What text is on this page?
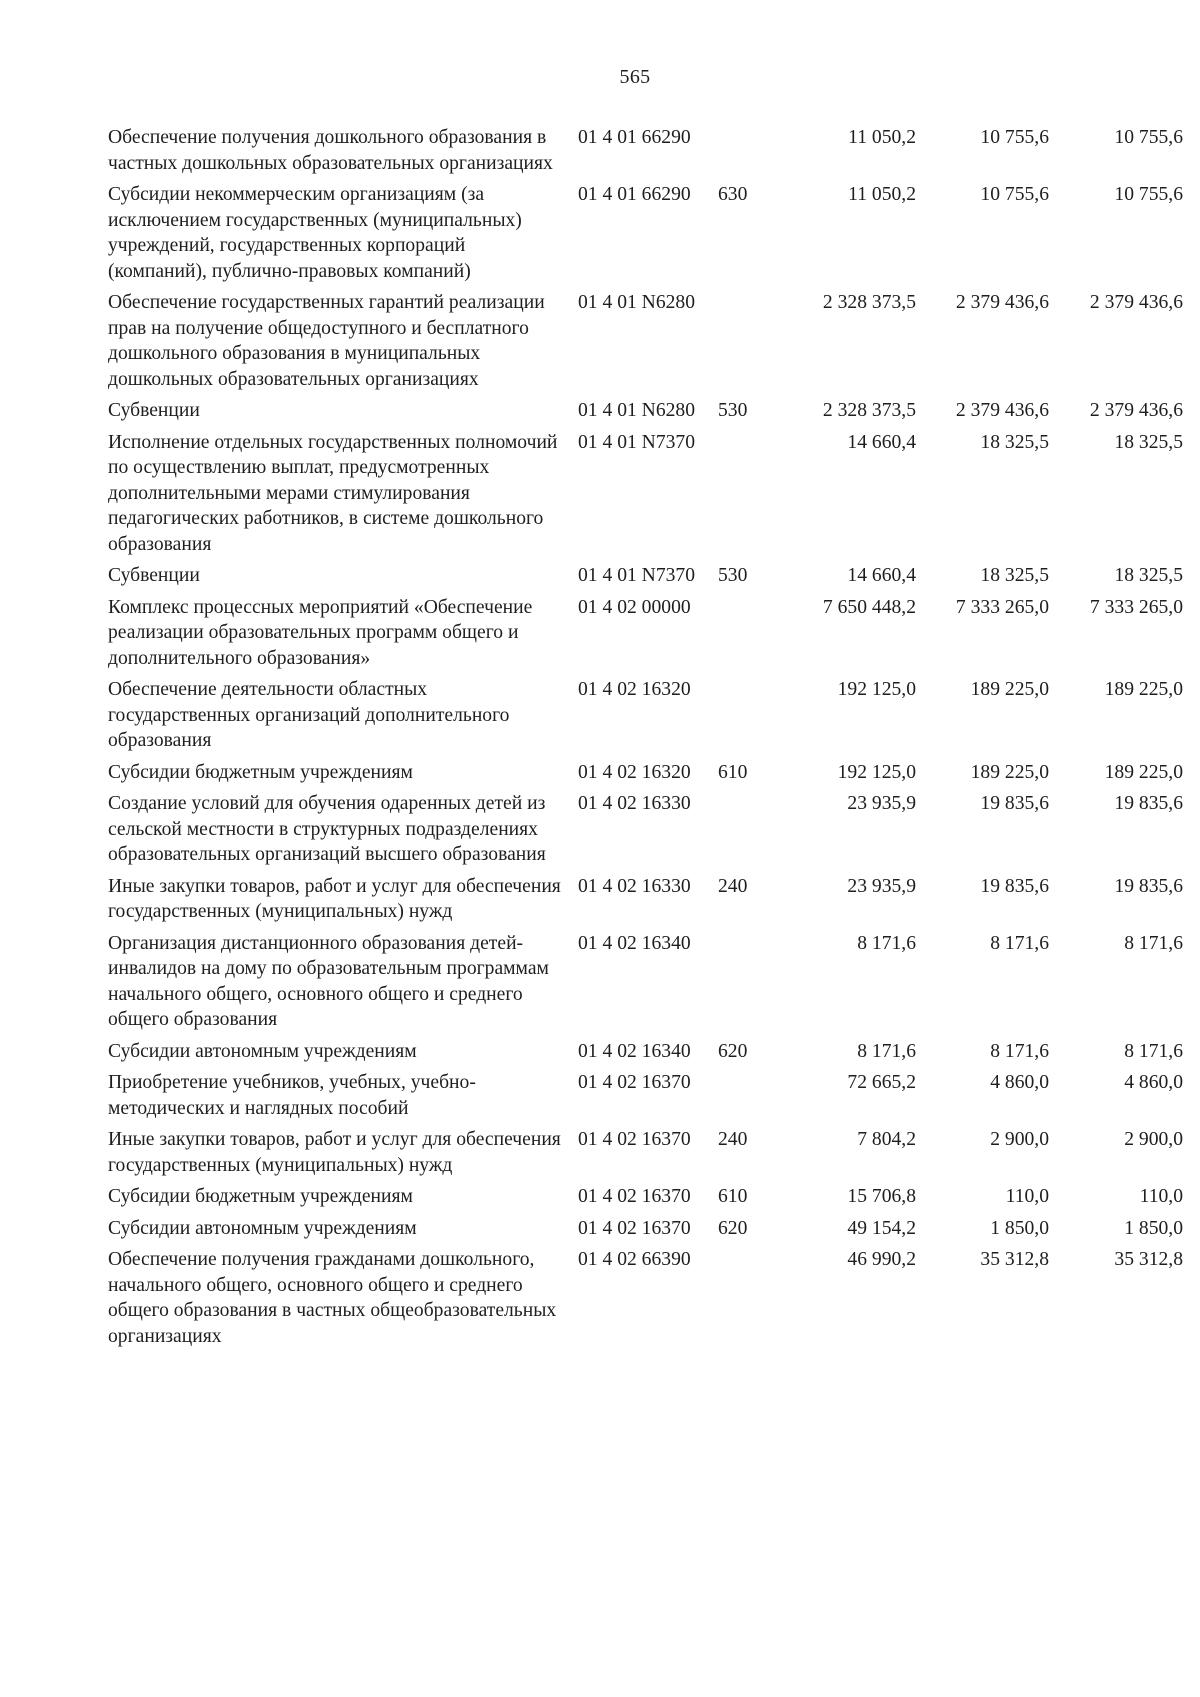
565
Обеспечение получения дошкольного образования в частных дошкольных образовательных организациях	01 4 01 66290		11 050,2	10 755,6	10 755,6
Субсидии некоммерческим организациям (за исключением государственных (муниципальных) учреждений, государственных корпораций (компаний), публично-правовых компаний)	01 4 01 66290	630	11 050,2	10 755,6	10 755,6
Обеспечение государственных гарантий реализации прав на получение общедоступного и бесплатного дошкольного образования в муниципальных дошкольных образовательных организациях	01 4 01 N6280		2 328 373,5	2 379 436,6	2 379 436,6
Субвенции	01 4 01 N6280	530	2 328 373,5	2 379 436,6	2 379 436,6
Исполнение отдельных государственных полномочий по осуществлению выплат, предусмотренных дополнительными мерами стимулирования педагогических работников, в системе дошкольного образования	01 4 01 N7370		14 660,4	18 325,5	18 325,5
Субвенции	01 4 01 N7370	530	14 660,4	18 325,5	18 325,5
Комплекс процессных мероприятий «Обеспечение реализации образовательных программ общего и дополнительного образования»	01 4 02 00000		7 650 448,2	7 333 265,0	7 333 265,0
Обеспечение деятельности областных государственных организаций дополнительного образования	01 4 02 16320		192 125,0	189 225,0	189 225,0
Субсидии бюджетным учреждениям	01 4 02 16320	610	192 125,0	189 225,0	189 225,0
Создание условий для обучения одаренных детей из сельской местности в структурных подразделениях образовательных организаций высшего образования	01 4 02 16330		23 935,9	19 835,6	19 835,6
Иные закупки товаров, работ и услуг для обеспечения государственных (муниципальных) нужд	01 4 02 16330	240	23 935,9	19 835,6	19 835,6
Организация дистанционного образования детей-инвалидов на дому по образовательным программам начального общего, основного общего и среднего общего образования	01 4 02 16340		8 171,6	8 171,6	8 171,6
Субсидии автономным учреждениям	01 4 02 16340	620	8 171,6	8 171,6	8 171,6
Приобретение учебников, учебных, учебно-методических и наглядных пособий	01 4 02 16370		72 665,2	4 860,0	4 860,0
Иные закупки товаров, работ и услуг для обеспечения государственных (муниципальных) нужд	01 4 02 16370	240	7 804,2	2 900,0	2 900,0
Субсидии бюджетным учреждениям	01 4 02 16370	610	15 706,8	110,0	110,0
Субсидии автономным учреждениям	01 4 02 16370	620	49 154,2	1 850,0	1 850,0
Обеспечение получения гражданами дошкольного, начального общего, основного общего и среднего общего образования в частных общеобразовательных организациях	01 4 02 66390		46 990,2	35 312,8	35 312,8
